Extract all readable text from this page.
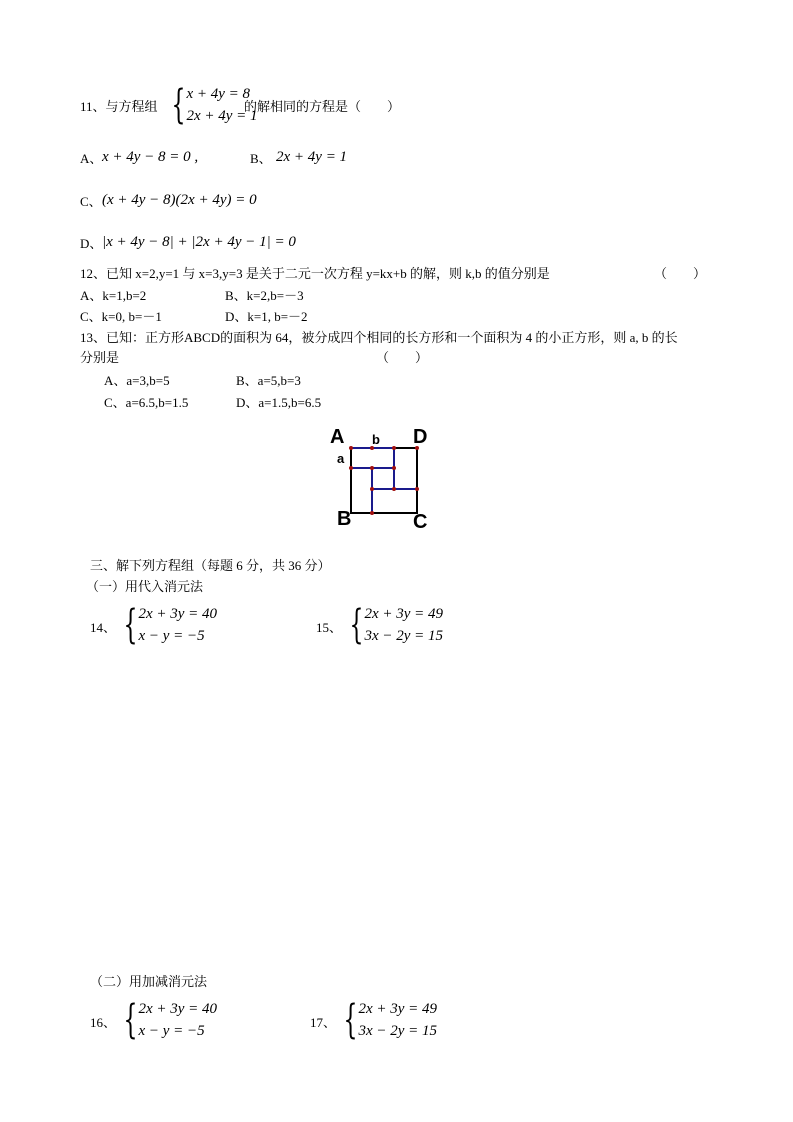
11、与方程组 { x + 4y = 8
2x + 4y = 1
的解相同的方程是（　　）
A、 x + 4y − 8 = 0 ,	B、 2x + 4y = 1
C、 (x + 4y − 8)(2x + 4y) = 0
D、 |x + 4y − 8| + |2x + 4y − 1| = 0
12、已知 x=2,y=1 与 x=3,y=3 是关于二元一次方程 y=kx+b 的解，则 k,b 的值分别是	（　　）
A、k=1,b=2	B、k=2,b=－3
C、k=0, b=－1	D、k=1, b=－2
13、已知：正方形ABCD的面积为 64，被分成四个相同的长方形和一个面积为 4 的小正方形，则 a, b 的长
分别是	（　　）
A、a=3,b=5	B、a=5,b=3
C、a=6.5,b=1.5	D、a=1.5,b=6.5
A b D
a
B	C
三、解下列方程组（每题 6 分，共 36 分）
（一）用代入消元法
14、 { 2x + 3y = 40
x − y = −5
15、 { 2x + 3y = 49
3x − 2y = 15
（二）用加减消元法
16、 { 2x + 3y = 40
x − y = −5
17、 { 2x + 3y = 49
3x − 2y = 15
